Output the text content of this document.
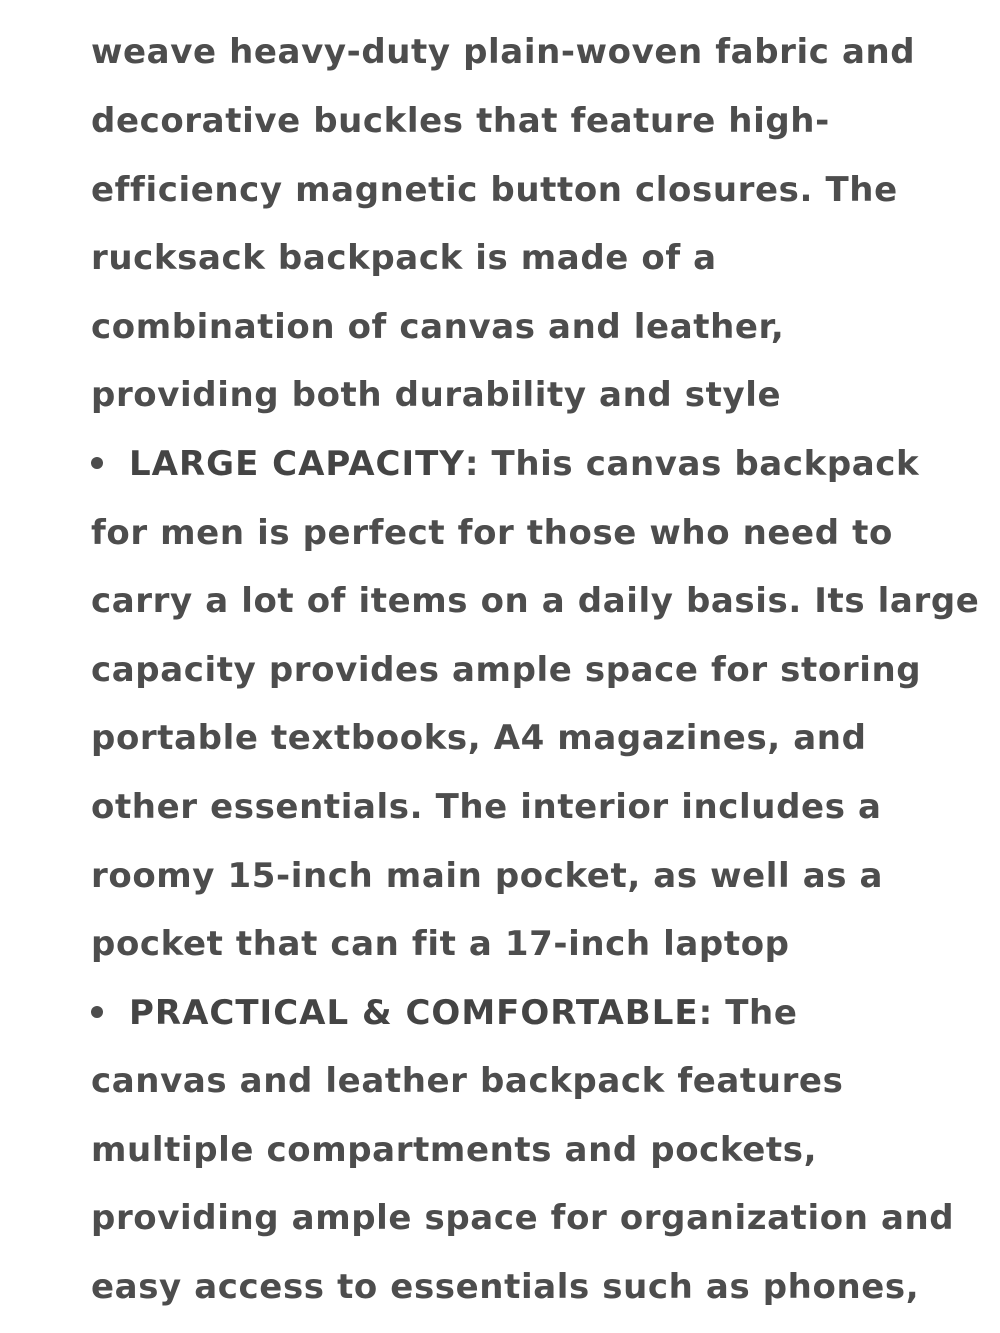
weave heavy-duty plain-woven fabric and
decorative buckles that feature high-
efficiency magnetic button closures. The
rucksack backpack is made of a
combination of canvas and leather,
providing both durability and style
LARGE CAPACITY: This canvas backpack
for men is perfect for those who need to
carry a lot of items on a daily basis. Its large
capacity provides ample space for storing
portable textbooks, A4 magazines, and
other essentials. The interior includes a
roomy 15-inch main pocket, as well as a
pocket that can fit a 17-inch laptop
PRACTICAL & COMFORTABLE: The
canvas and leather backpack features
multiple compartments and pockets,
providing ample space for organization and
easy access to essentials such as phones,
